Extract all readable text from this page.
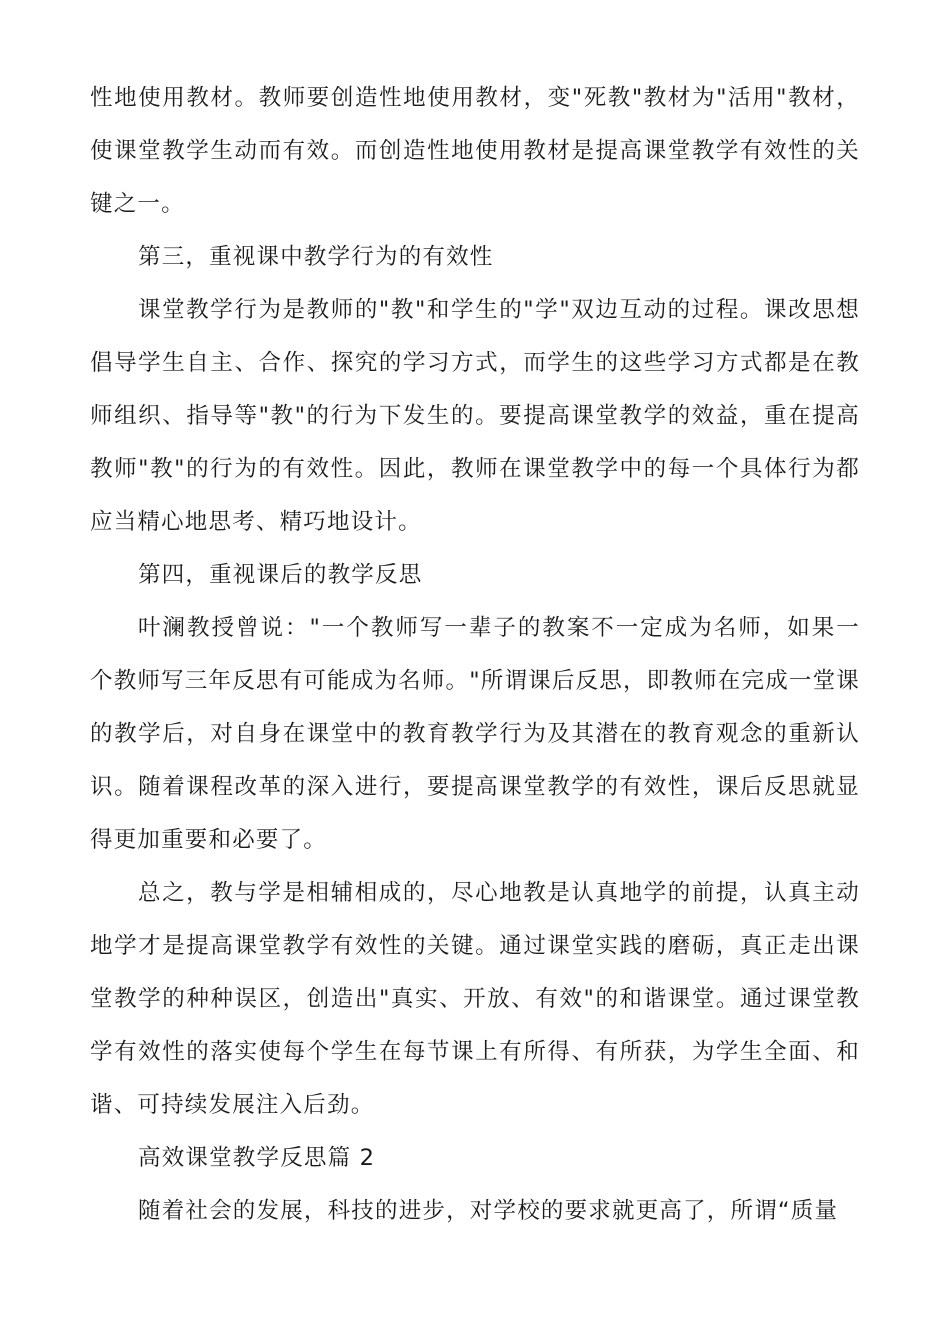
性地使用教材。教师要创造性地使用教材，变"死教"教材为"活用"教材，使课堂教学生动而有效。而创造性地使用教材是提高课堂教学有效性的关键之一。

第三，重视课中教学行为的有效性

课堂教学行为是教师的"教"和学生的"学"双边互动的过程。课改思想倡导学生自主、合作、探究的学习方式，而学生的这些学习方式都是在教师组织、指导等"教"的行为下发生的。要提高课堂教学的效益，重在提高教师"教"的行为的有效性。因此，教师在课堂教学中的每一个具体行为都应当精心地思考、精巧地设计。

第四，重视课后的教学反思

叶澜教授曾说："一个教师写一辈子的教案不一定成为名师，如果一个教师写三年反思有可能成为名师。"所谓课后反思，即教师在完成一堂课的教学后，对自身在课堂中的教育教学行为及其潜在的教育观念的重新认识。随着课程改革的深入进行，要提高课堂教学的有效性，课后反思就显得更加重要和必要了。

总之，教与学是相辅相成的，尽心地教是认真地学的前提，认真主动地学才是提高课堂教学有效性的关键。通过课堂实践的磨砺，真正走出课堂教学的种种误区，创造出"真实、开放、有效"的和谐课堂。通过课堂教学有效性的落实使每个学生在每节课上有所得、有所获，为学生全面、和谐、可持续发展注入后劲。

高效课堂教学反思篇 2

随着社会的发展，科技的进步，对学校的要求就更高了，所谓“质量
